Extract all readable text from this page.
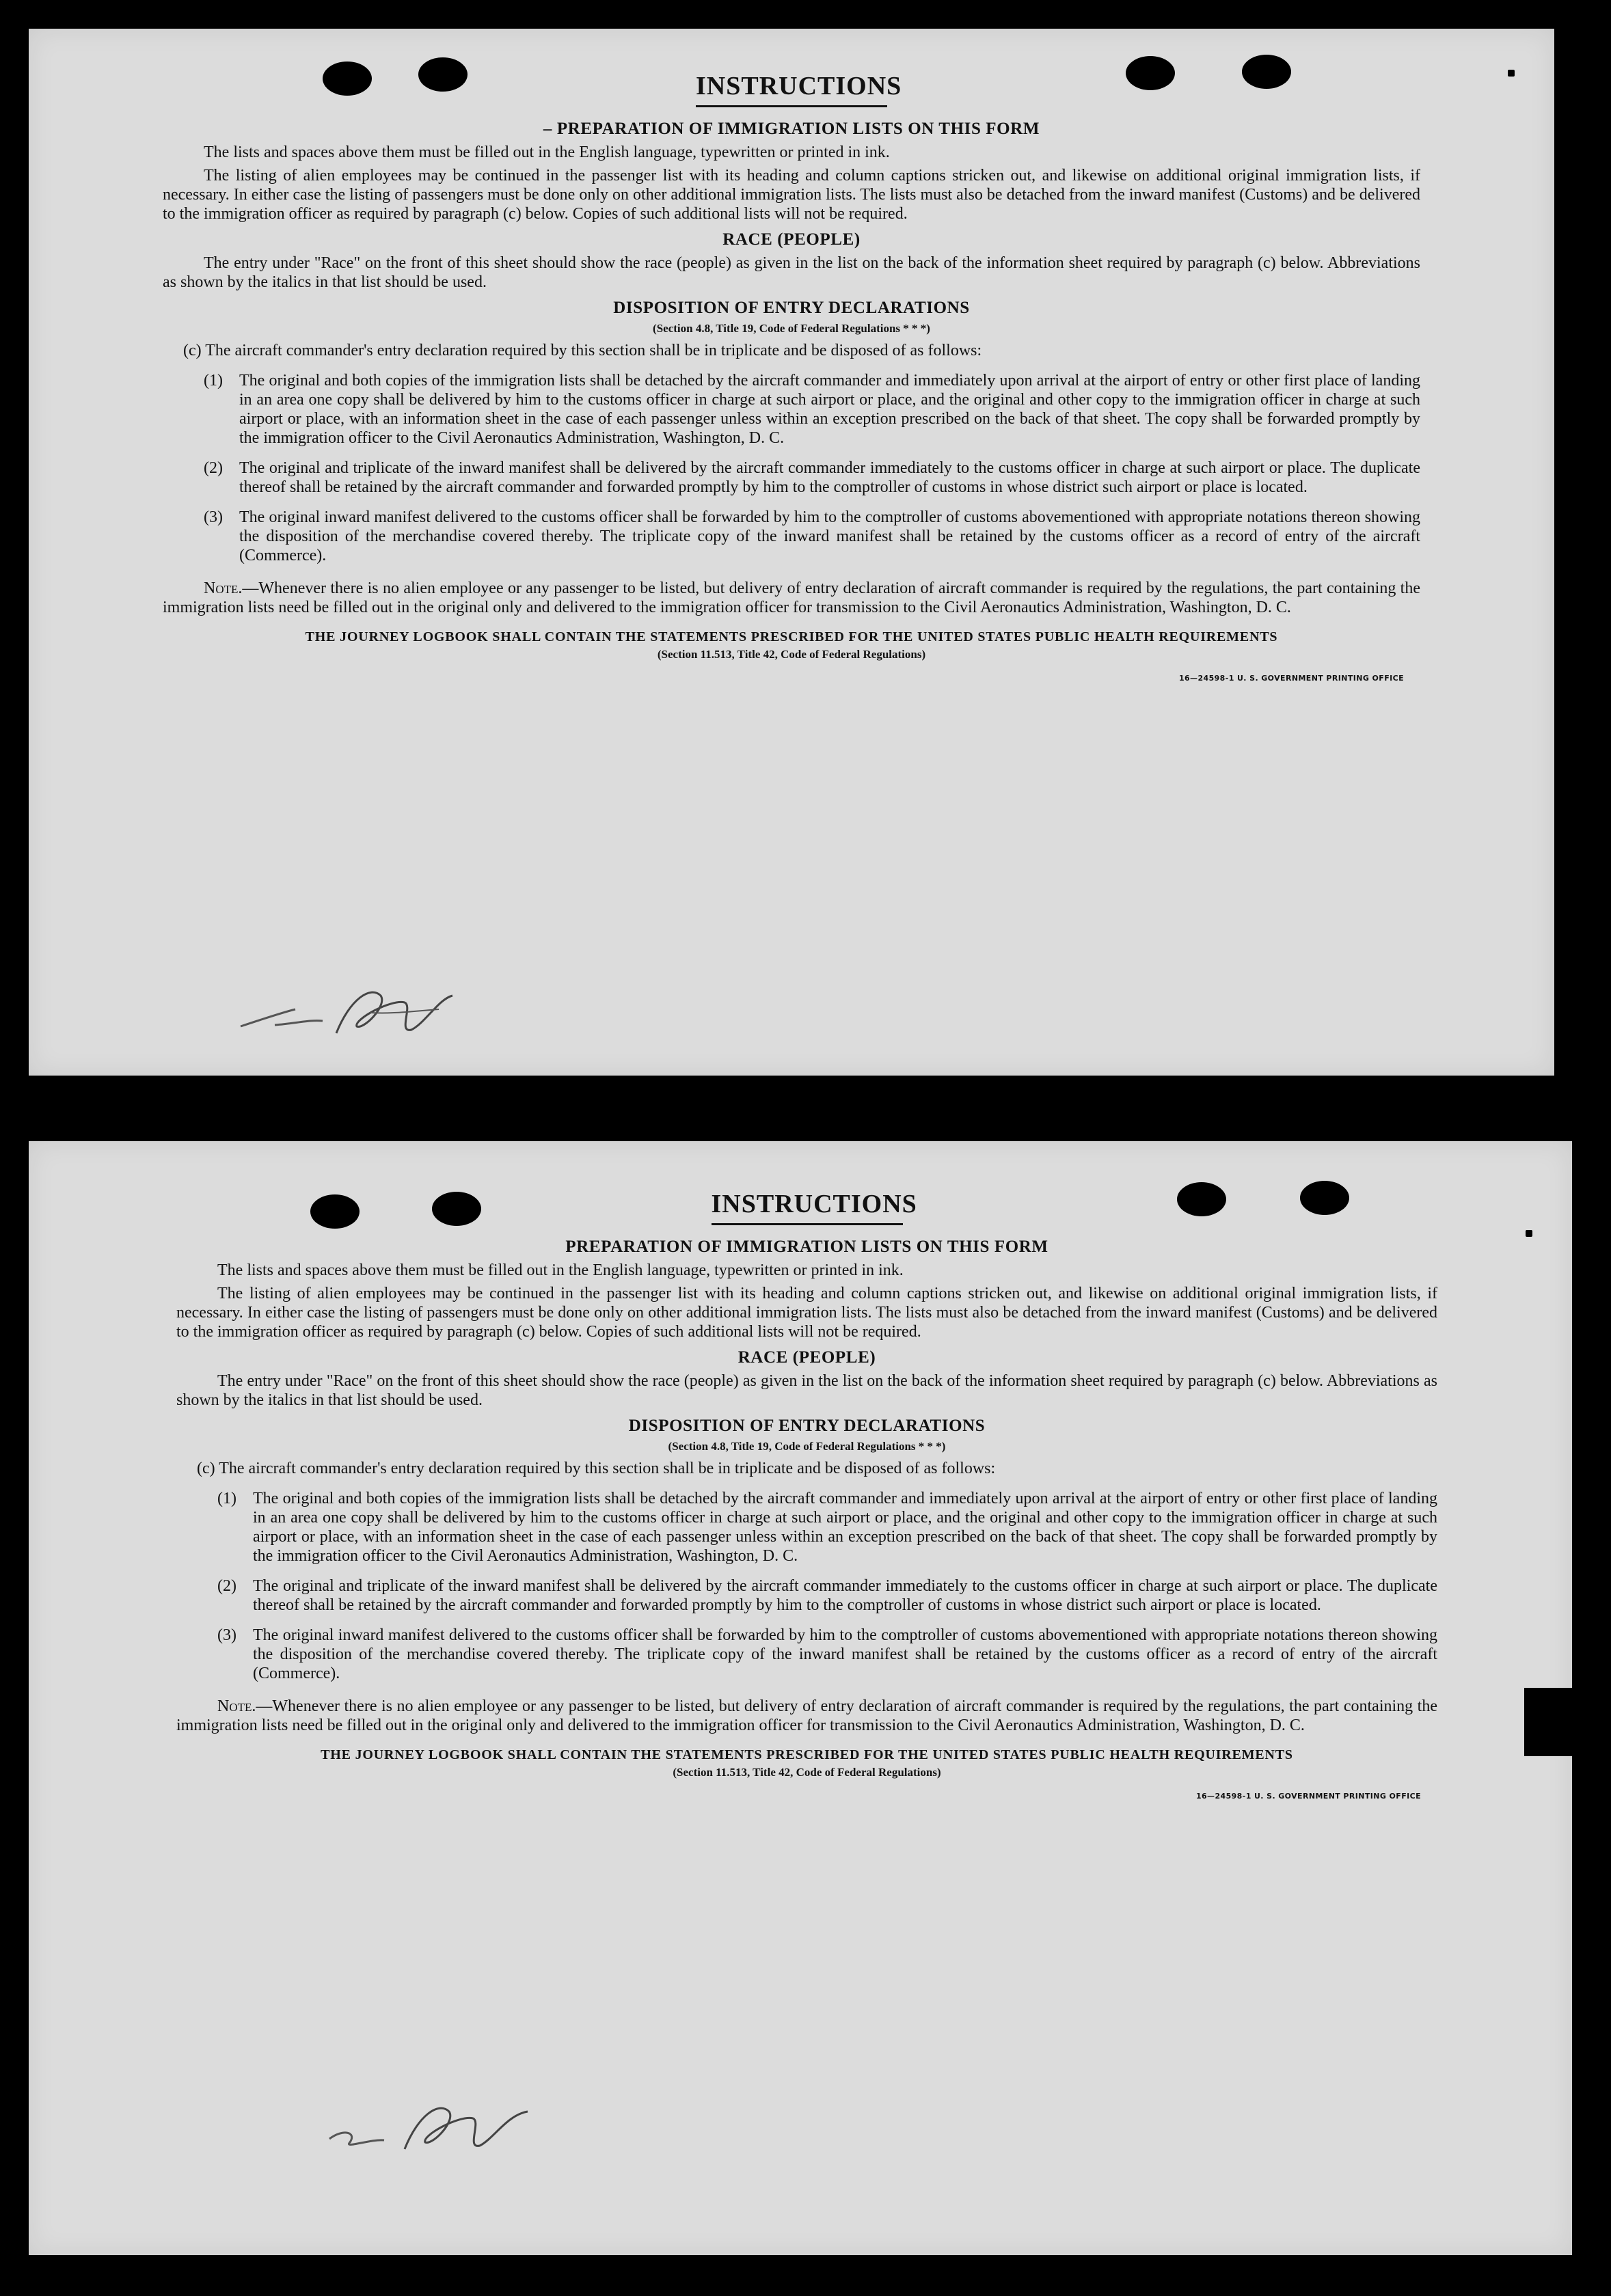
INSTRUCTIONS
– PREPARATION OF IMMIGRATION LISTS ON THIS FORM

The lists and spaces above them must be filled out in the English language, typewritten or printed in ink.

The listing of alien employees may be continued in the passenger list with its heading and column captions stricken out, and likewise on additional original immigration lists, if necessary. In either case the listing of passengers must be done only on other additional immigration lists. The lists must also be detached from the inward manifest (Customs) and be delivered to the immigration officer as required by paragraph (c) below. Copies of such additional lists will not be required.

RACE (PEOPLE)

The entry under "Race" on the front of this sheet should show the race (people) as given in the list on the back of the information sheet required by paragraph (c) below. Abbreviations as shown by the italics in that list should be used.

DISPOSITION OF ENTRY DECLARATIONS
(Section 4.8, Title 19, Code of Federal Regulations * * *)
(c) The aircraft commander's entry declaration required by this section shall be in triplicate and be disposed of as follows:
(1)	The original and both copies of the immigration lists shall be detached by the aircraft commander and immediately upon arrival at the airport of entry or other first place of landing in an area one copy shall be delivered by him to the customs officer in charge at such airport or place, and the original and other copy to the immigration officer in charge at such airport or place, with an information sheet in the case of each passenger unless within an exception prescribed on the back of that sheet. The copy shall be forwarded promptly by the immigration officer to the Civil Aeronautics Administration, Washington, D. C.
(2)	The original and triplicate of the inward manifest shall be delivered by the aircraft commander immediately to the customs officer in charge at such airport or place. The duplicate thereof shall be retained by the aircraft commander and forwarded promptly by him to the comptroller of customs in whose district such airport or place is located.
(3)	The original inward manifest delivered to the customs officer shall be forwarded by him to the comptroller of customs abovementioned with appropriate notations thereon showing the disposition of the merchandise covered thereby. The triplicate copy of the inward manifest shall be retained by the customs officer as a record of entry of the aircraft (Commerce).

Note.—Whenever there is no alien employee or any passenger to be listed, but delivery of entry declaration of aircraft commander is required by the regulations, the part containing the immigration lists need be filled out in the original only and delivered to the immigration officer for transmission to the Civil Aeronautics Administration, Washington, D. C.

THE JOURNEY LOGBOOK SHALL CONTAIN THE STATEMENTS PRESCRIBED FOR THE UNITED STATES PUBLIC HEALTH REQUIREMENTS
(Section 11.513, Title 42, Code of Federal Regulations)
16—24598-1 U. S. GOVERNMENT PRINTING OFFICE
INSTRUCTIONS
PREPARATION OF IMMIGRATION LISTS ON THIS FORM

The lists and spaces above them must be filled out in the English language, typewritten or printed in ink.

The listing of alien employees may be continued in the passenger list with its heading and column captions stricken out, and likewise on additional original immigration lists, if necessary. In either case the listing of passengers must be done only on other additional immigration lists. The lists must also be detached from the inward manifest (Customs) and be delivered to the immigration officer as required by paragraph (c) below. Copies of such additional lists will not be required.

RACE (PEOPLE)

The entry under "Race" on the front of this sheet should show the race (people) as given in the list on the back of the information sheet required by paragraph (c) below. Abbreviations as shown by the italics in that list should be used.

DISPOSITION OF ENTRY DECLARATIONS
(Section 4.8, Title 19, Code of Federal Regulations * * *)
(c) The aircraft commander's entry declaration required by this section shall be in triplicate and be disposed of as follows:
(1)	The original and both copies of the immigration lists shall be detached by the aircraft commander and immediately upon arrival at the airport of entry or other first place of landing in an area one copy shall be delivered by him to the customs officer in charge at such airport or place, and the original and other copy to the immigration officer in charge at such airport or place, with an information sheet in the case of each passenger unless within an exception prescribed on the back of that sheet. The copy shall be forwarded promptly by the immigration officer to the Civil Aeronautics Administration, Washington, D. C.
(2)	The original and triplicate of the inward manifest shall be delivered by the aircraft commander immediately to the customs officer in charge at such airport or place. The duplicate thereof shall be retained by the aircraft commander and forwarded promptly by him to the comptroller of customs in whose district such airport or place is located.
(3)	The original inward manifest delivered to the customs officer shall be forwarded by him to the comptroller of customs abovementioned with appropriate notations thereon showing the disposition of the merchandise covered thereby. The triplicate copy of the inward manifest shall be retained by the customs officer as a record of entry of the aircraft (Commerce).

Note.—Whenever there is no alien employee or any passenger to be listed, but delivery of entry declaration of aircraft commander is required by the regulations, the part containing the immigration lists need be filled out in the original only and delivered to the immigration officer for transmission to the Civil Aeronautics Administration, Washington, D. C.

THE JOURNEY LOGBOOK SHALL CONTAIN THE STATEMENTS PRESCRIBED FOR THE UNITED STATES PUBLIC HEALTH REQUIREMENTS
(Section 11.513, Title 42, Code of Federal Regulations)
16—24598-1 U. S. GOVERNMENT PRINTING OFFICE
